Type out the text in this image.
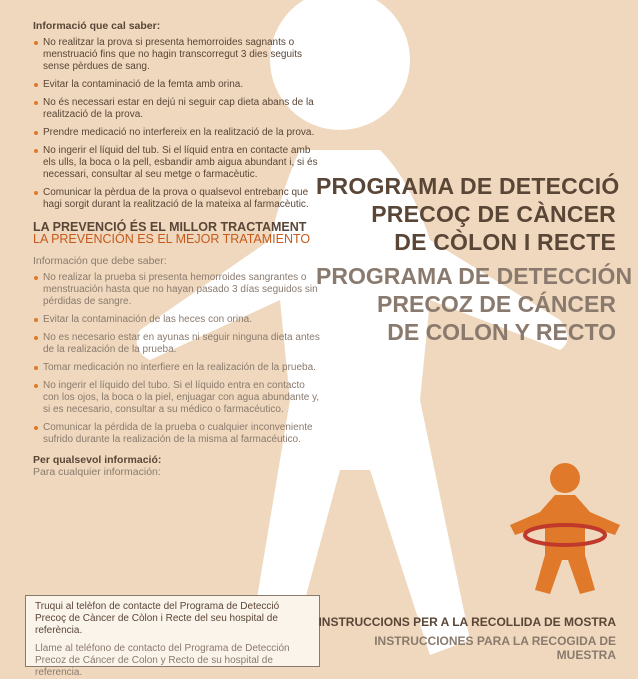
Informació que cal saber:
No realitzar la prova si presenta hemorroides sagnants o menstruació fins que no hagin transcorregut 3 dies seguits sense pèrdues de sang.
Evitar la contaminació de la femta amb orina.
No és necessari estar en dejú ni seguir cap dieta abans de la realització de la prova.
Prendre medicació no interfereix en la realització de la prova.
No ingerir el líquid del tub. Si el líquid entra en contacte amb els ulls, la boca o la pell, esbandir amb aigua abundant i, si és necessari, consultar al seu metge o farmacèutic.
Comunicar la pèrdua de la prova o qualsevol entrebanc que hagi sorgit durant la realització de la mateixa al farmacèutic.
LA PREVENCIÓ ÉS EL MILLOR TRACTAMENT
LA PREVENCIÓN ES EL MEJOR TRATAMIENTO
Información que debe saber:
No realizar la prueba si presenta hemorroides sangrantes o menstruación hasta que no hayan pasado 3 días seguidos sin pérdidas de sangre.
Evitar la contaminación de las heces con orina.
No es necesario estar en ayunas ni seguir ninguna dieta antes de la realización de la prueba.
Tomar medicación no interfiere en la realización de la prueba.
No ingerir el líquido del tubo. Si el líquido entra en contacto con los ojos, la boca o la piel, enjuagar con agua abundante y, si es necesario, consultar a su médico o farmacéutico.
Comunicar la pérdida de la prueba o cualquier inconveniente sufrido durante la realización de la misma al farmacéutico.
Per qualsevol informació:
Para cualquier información:
Truqui al telèfon de contacte del Programa de Detecció Precoç de Càncer de Còlon i Recte del seu hospital de referència.
Llame al teléfono de contacto del Programa de Detección Precoz de Cáncer de Colon y Recto de su hospital de referencia.
PROGRAMA DE DETECCIÓ
PRECOÇ DE CÀNCER
DE CÒLON I RECTE
PROGRAMA DE DETECCIÓN
PRECOZ DE CÁNCER
DE COLON Y RECTO
INSTRUCCIONS PER A LA RECOLLIDA DE MOSTRA
INSTRUCCIONES PARA LA RECOGIDA DE MUESTRA
